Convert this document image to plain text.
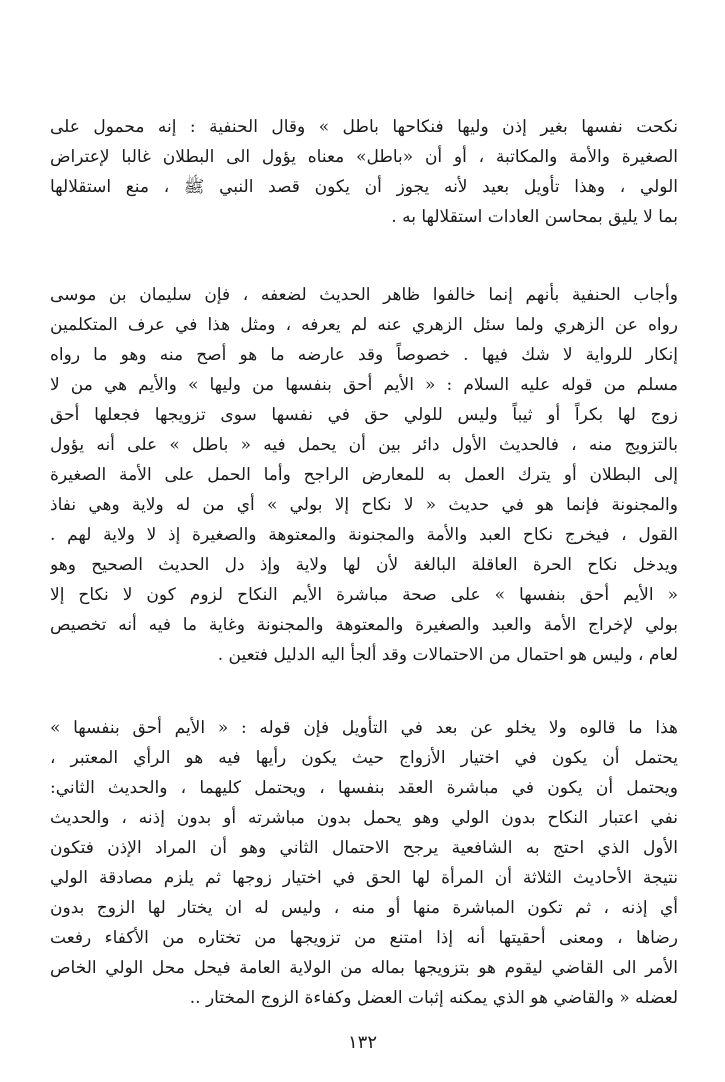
نكحت نفسها بغير إذن وليها فنكاحها باطل » وقال الحنفية : إنه محمول على
الصغيرة والأمة والمكاتبة ، أو أن «باطل» معناه يؤول الى البطلان غالبا لإعتراض
الولي ، وهذا تأويل بعيد لأنه يجوز أن يكون قصد النبي ﷺ ، منع استقلالها
بما لا يليق بمحاسن العادات استقلالها به .
وأجاب الحنفية بأنهم إنما خالفوا ظاهر الحديث لضعفه ، فإن سليمان بن موسى
رواه عن الزهري ولما سئل الزهري عنه لم يعرفه ، ومثل هذا في عرف المتكلمين
إنكار للرواية لا شك فيها . خصوصاً وقد عارضه ما هو أصح منه وهو ما رواه
مسلم من قوله عليه السلام : « الأيم أحق بنفسها من وليها » والأيم هي من لا
زوج لها بكراً أو ثيباً وليس للولي حق في نفسها سوى تزويجها فجعلها أحق
بالتزويج منه ، فالحديث الأول دائر بين أن يحمل فيه « باطل » على أنه يؤول
إلى البطلان أو يترك العمل به للمعارض الراجح وأما الحمل على الأمة الصغيرة
والمجنونة فإنما هو في حديث « لا نكاح إلا بولي » أي من له ولاية وهي نفاذ
القول ، فيخرج نكاح العبد والأمة والمجنونة والمعتوهة والصغيرة إذ لا ولاية لهم .
ويدخل نكاح الحرة العاقلة البالغة لأن لها ولاية وإذ دل الحديث الصحيح وهو
« الأيم أحق بنفسها » على صحة مباشرة الأيم النكاح لزوم كون لا نكاح إلا
بولي لإخراج الأمة والعبد والصغيرة والمعتوهة والمجنونة وغاية ما فيه أنه تخصيص
لعام ، وليس هو احتمال من الاحتمالات وقد ألجأ اليه الدليل فتعين .
هذا ما قالوه ولا يخلو عن بعد في التأويل فإن قوله : « الأيم أحق بنفسها »
يحتمل أن يكون في اختيار الأزواج حيث يكون رأيها فيه هو الرأي المعتبر ،
ويحتمل أن يكون في مباشرة العقد بنفسها ، ويحتمل كليهما ، والحديث الثاني:
نفي اعتبار النكاح بدون الولي وهو يحمل بدون مباشرته أو بدون إذنه ، والحديث
الأول الذي احتج به الشافعية يرجح الاحتمال الثاني وهو أن المراد الإذن فتكون
نتيجة الأحاديث الثلاثة أن المرأة لها الحق في اختيار زوجها ثم يلزم مصادقة الولي
أي إذنه ، ثم تكون المباشرة منها أو منه ، وليس له ان يختار لها الزوج بدون
رضاها ، ومعنى أحقيتها أنه إذا امتنع من تزويجها من تختاره من الأكفاء رفعت
الأمر الى القاضي ليقوم هو بتزويجها بماله من الولاية العامة فيحل محل الولي الخاص
لعضله « والقاضي هو الذي يمكنه إثبات العضل وكفاءة الزوج المختار ..
١٣٢
